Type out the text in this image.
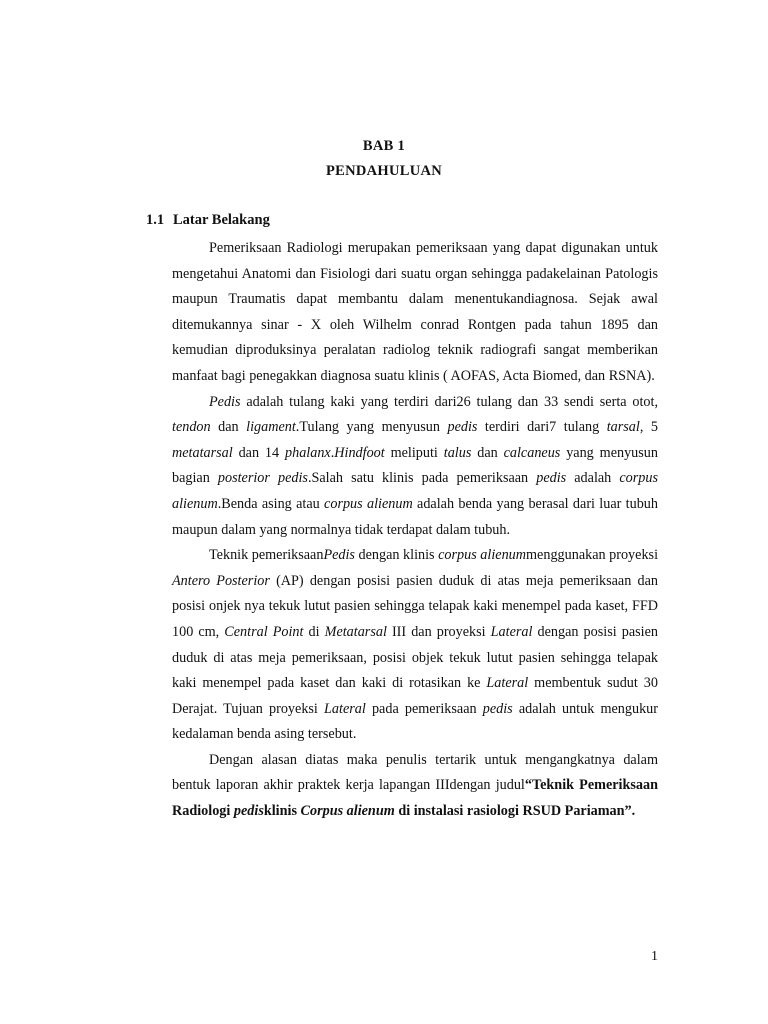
BAB 1
PENDAHULUAN
1.1 Latar Belakang

Pemeriksaan Radiologi merupakan pemeriksaan yang dapat digunakan untuk mengetahui Anatomi dan Fisiologi dari suatu organ sehingga padakelainan Patologis maupun Traumatis dapat membantu dalam menentukandiagnosa. Sejak awal ditemukannya sinar - X oleh Wilhelm conrad Rontgen pada tahun 1895 dan kemudian diproduksinya peralatan radiolog teknik radiografi sangat memberikan manfaat bagi penegakkan diagnosa suatu klinis ( AOFAS, Acta Biomed, dan RSNA).

Pedis adalah tulang kaki yang terdiri dari26 tulang dan 33 sendi serta otot, tendon dan ligament.Tulang yang menyusun pedis terdiri dari7 tulang tarsal, 5 metatarsal dan 14 phalanx.Hindfoot meliputi talus dan calcaneus yang menyusun bagian posterior pedis.Salah satu klinis pada pemeriksaan pedis adalah corpus alienum.Benda asing atau corpus alienum adalah benda yang berasal dari luar tubuh maupun dalam yang normalnya tidak terdapat dalam tubuh.

Teknik pemeriksaanPedis dengan klinis corpus alienummenggunakan proyeksi Antero Posterior (AP) dengan posisi pasien duduk di atas meja pemeriksaan dan posisi onjek nya tekuk lutut pasien sehingga telapak kaki menempel pada kaset, FFD 100 cm, Central Point di Metatarsal III dan proyeksi Lateral dengan posisi pasien duduk di atas meja pemeriksaan, posisi objek tekuk lutut pasien sehingga telapak kaki menempel pada kaset dan kaki di rotasikan ke Lateral membentuk sudut 30 Derajat. Tujuan proyeksi Lateral pada pemeriksaan pedis adalah untuk mengukur kedalaman benda asing tersebut.

Dengan alasan diatas maka penulis tertarik untuk mengangkatnya dalam bentuk laporan akhir praktek kerja lapangan IIIdengan judul“Teknik Pemeriksaan Radiologi pedisklinis Corpus alienum di instalasi rasiologi RSUD Pariaman”.

1
